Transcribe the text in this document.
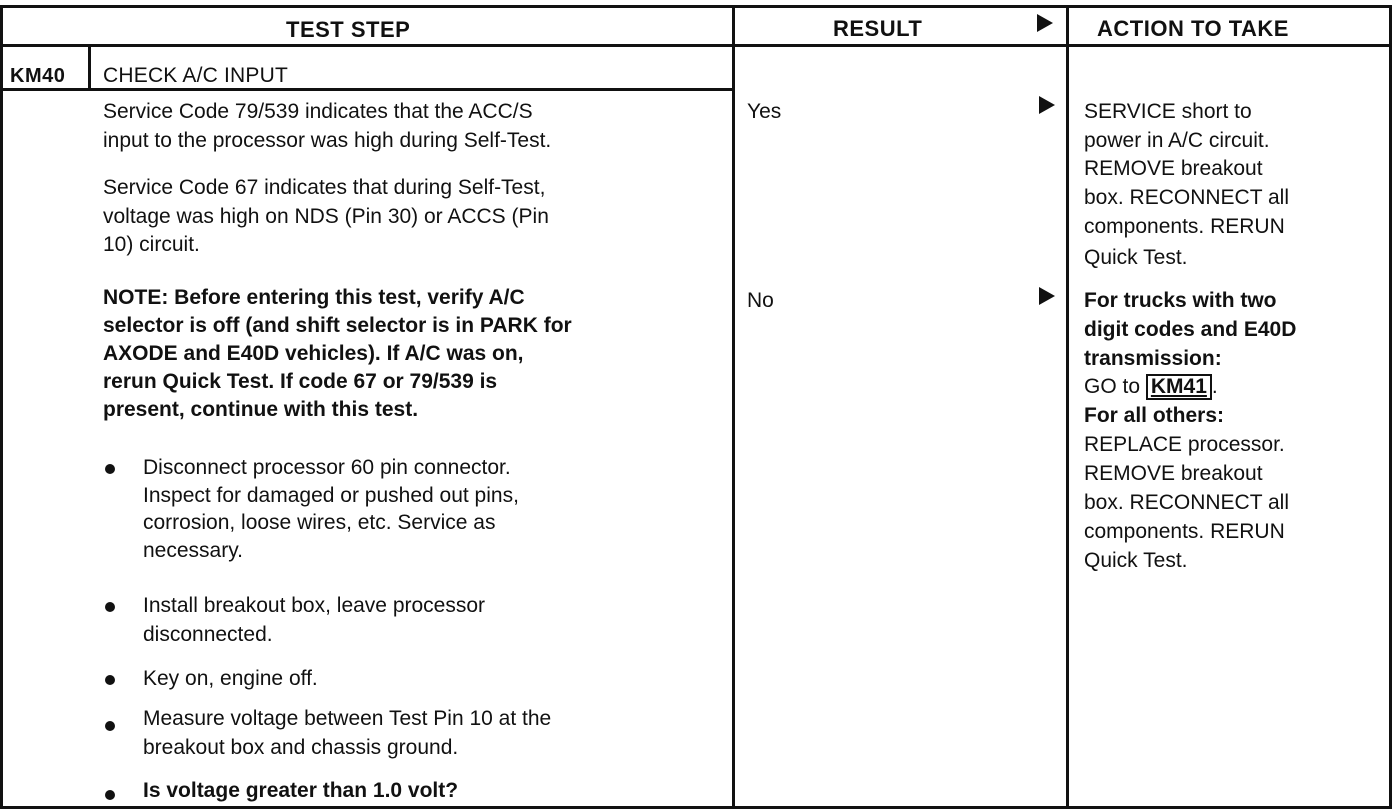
TEST STEP	RESULT	ACTION TO TAKE
KM40 CHECK A/C INPUT
Service Code 79/539 indicates that the ACC/S
input to the processor was high during Self-Test.
Service Code 67 indicates that during Self-Test,
voltage was high on NDS (Pin 30) or ACCS (Pin
10) circuit.
NOTE: Before entering this test, verify A/C
selector is off (and shift selector is in PARK for
AXODE and E40D vehicles). If A/C was on,
rerun Quick Test. If code 67 or 79/539 is
present, continue with this test.
Disconnect processor 60 pin connector.
Inspect for damaged or pushed out pins,
corrosion, loose wires, etc. Service as
necessary.
Install breakout box, leave processor
disconnected.
Key on, engine off.
Measure voltage between Test Pin 10 at the
breakout box and chassis ground.
Is voltage greater than 1.0 volt?
Yes
No
SERVICE short to
power in A/C circuit.
REMOVE breakout
box. RECONNECT all
components. RERUN
Quick Test.
For trucks with two
digit codes and E40D
transmission:
GO to KM41 .
For all others:
REPLACE processor.
REMOVE breakout
box. RECONNECT all
components. RERUN
Quick Test.
